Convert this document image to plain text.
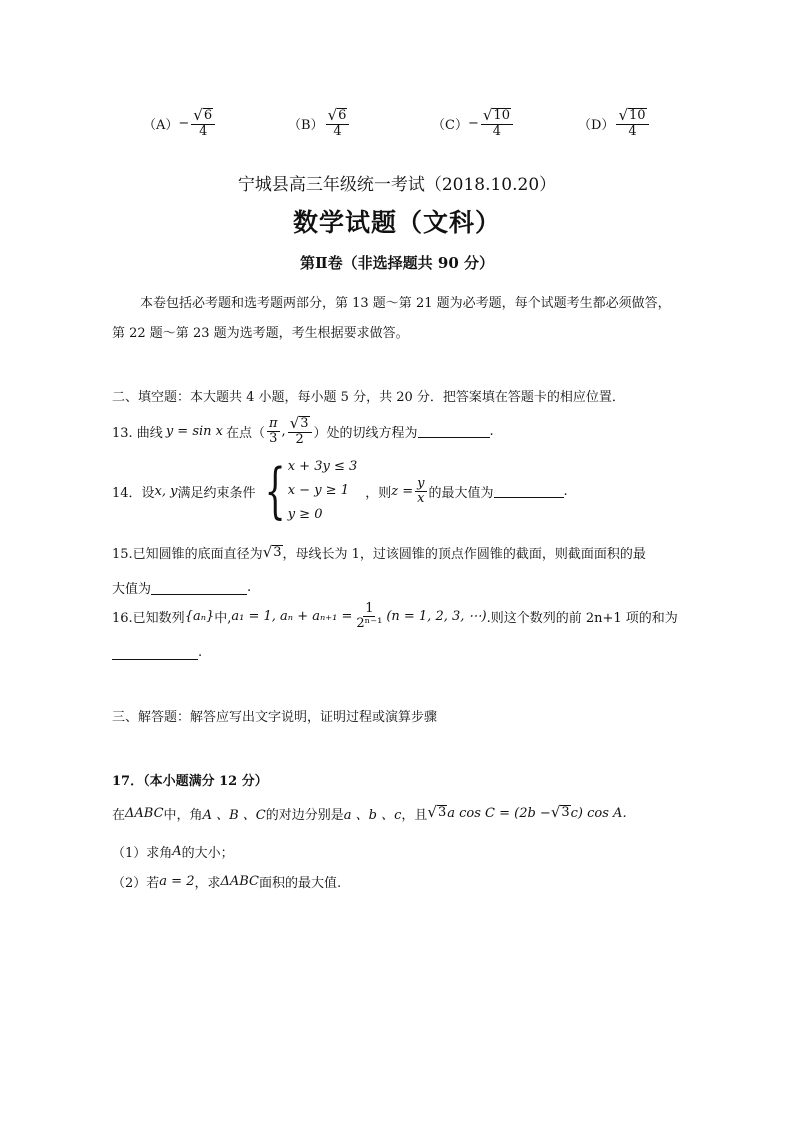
$(A) - \frac{√ 6}{4}$	$(B) \frac{√ 6}{4}$	$(C) - \frac{√ 10}{4}$	$(D) \frac{√ 10}{4}$
宁城县高三年级统一考试（2018.10.20）
数学试题（文科）
第Ⅱ卷（非选择题共 90 分）
本卷包括必考题和选考题两部分，第 13 题～第 21 题为必考题，每个试题考生都必须做答，
第 22 题～第 23 题为选考题，考生根据要求做答。
二、填空题：本大题共 4 小题，每小题 5 分，共 20 分．把答案填在答题卡的相应位置．
13. 曲线 y = sin x 在点（ $\frac{\pi}{3}$ , $\frac{√ 3}{2}$ ）处的切线方程为	.
14．设 x, y 满足约束条件 { x + 3y ≤ 3
x − y ≥ 1
y ≥ 0
，则 $z = \frac{y}{x}$ 的最大值为	.
15.已知圆锥的底面直径为 √ 3 ，母线长为 1，过该圆锥的顶点作圆锥的截面，则截面面积的最
大值为	.
16.已知数列 {aₙ} 中, a₁ = 1, $a_n + a_{n+1} = \frac{1}{\text{2ⁿ⁻¹}} (n = 1$, 2, 3, ⋯) .则这个数列的前 2n+1 项的和为
.
三、解答题：解答应写出文字说明，证明过程或演算步骤
17．（本小题满分 12 分）
在 ΔABC 中，角 A 、B 、C 的对边分别是 a 、b 、c ，且 √ 3 a cos C = (2b − √ 3 c) cos A.
（1）求角 A 的大小；
（2）若 a = 2 ，求 ΔABC 面积的最大值.
